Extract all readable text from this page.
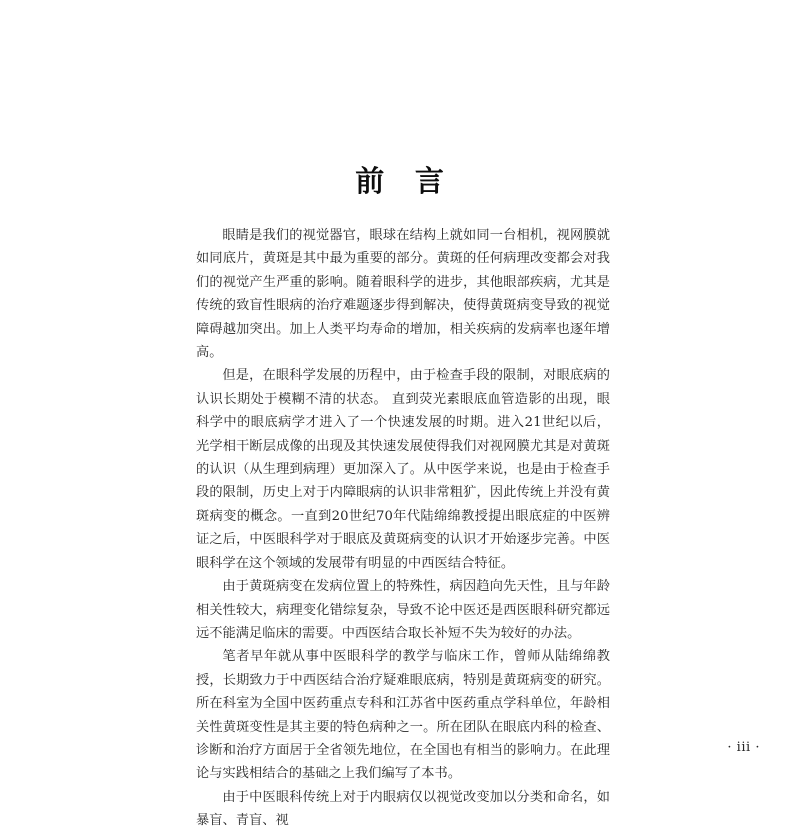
前　言

眼睛是我们的视觉器官，眼球在结构上就如同一台相机，视网膜就如同底片，黄斑是其中最为重要的部分。黄斑的任何病理改变都会对我们的视觉产生严重的影响。随着眼科学的进步，其他眼部疾病，尤其是传统的致盲性眼病的治疗难题逐步得到解决，使得黄斑病变导致的视觉障碍越加突出。加上人类平均寿命的增加，相关疾病的发病率也逐年增高。

但是，在眼科学发展的历程中，由于检查手段的限制，对眼底病的认识长期处于模糊不清的状态。 直到荧光素眼底血管造影的出现，眼科学中的眼底病学才进入了一个快速发展的时期。进入21世纪以后，光学相干断层成像的出现及其快速发展使得我们对视网膜尤其是对黄斑的认识（从生理到病理）更加深入了。从中医学来说，也是由于检查手段的限制，历史上对于内障眼病的认识非常粗犷，因此传统上并没有黄斑病变的概念。一直到20世纪70年代陆绵绵教授提出眼底症的中医辨证之后，中医眼科学对于眼底及黄斑病变的认识才开始逐步完善。中医眼科学在这个领域的发展带有明显的中西医结合特征。

由于黄斑病变在发病位置上的特殊性，病因趋向先天性，且与年龄相关性较大，病理变化错综复杂，导致不论中医还是西医眼科研究都远远不能满足临床的需要。中西医结合取长补短不失为较好的办法。

笔者早年就从事中医眼科学的教学与临床工作，曾师从陆绵绵教授，长期致力于中西医结合治疗疑难眼底病，特别是黄斑病变的研究。所在科室为全国中医药重点专科和江苏省中医药重点学科单位，年龄相关性黄斑变性是其主要的特色病种之一。所在团队在眼底内科的检查、诊断和治疗方面居于全省领先地位，在全国也有相当的影响力。在此理论与实践相结合的基础之上我们编写了本书。

由于中医眼科传统上对于内眼病仅以视觉改变加以分类和命名，如暴盲、青盲、视

· iii ·
